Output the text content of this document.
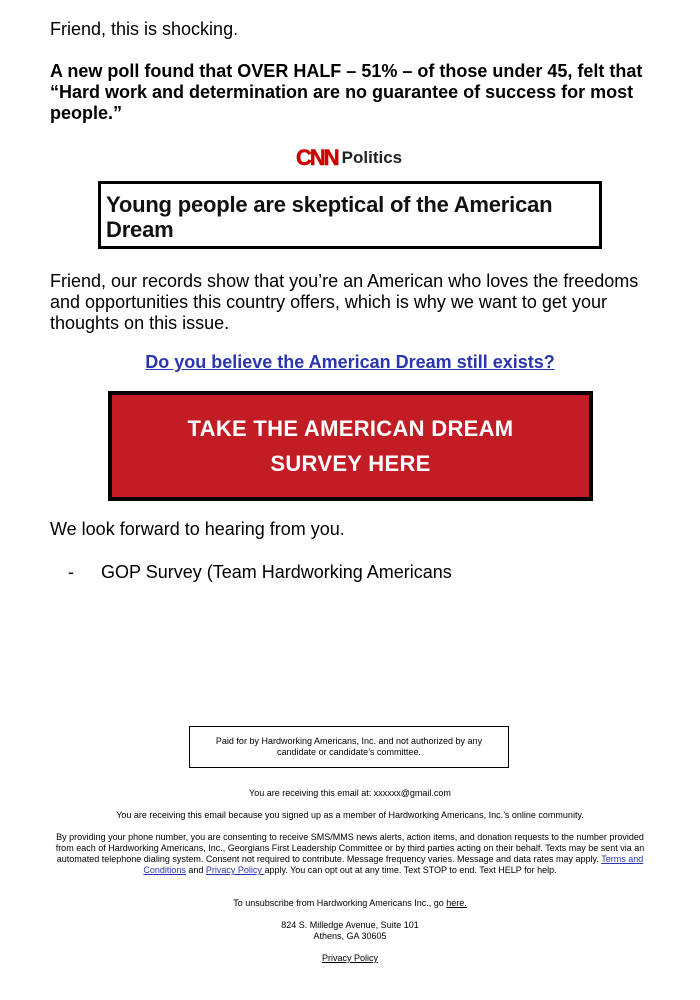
Friend, this is shocking.
A new poll found that OVER HALF – 51% – of those under 45, felt that “Hard work and determination are no guarantee of success for most people.”
CNN Politics
Young people are skeptical of the American Dream
Friend, our records show that you’re an American who loves the freedoms and opportunities this country offers, which is why we want to get your thoughts on this issue.
Do you believe the American Dream still exists?
TAKE THE AMERICAN DREAM
SURVEY HERE
We look forward to hearing from you.
- GOP Survey (Team Hardworking Americans
Paid for by Hardworking Americans, Inc. and not authorized by any candidate or candidate’s committee.
You are receiving this email at: xxxxxx@gmail.com
You are receiving this email because you signed up as a member of Hardworking Americans, Inc.’s online community.
By providing your phone number, you are consenting to receive SMS/MMS news alerts, action items, and donation requests to the number provided from each of Hardworking Americans, Inc., Georgians First Leadership Committee or by third parties acting on their behalf. Texts may be sent via an automated telephone dialing system. Consent not required to contribute. Message frequency varies. Message and data rates may apply. Terms and Conditions and Privacy Policy apply. You can opt out at any time. Text STOP to end. Text HELP for help.
To unsubscribe from Hardworking Americans Inc., go here.
824 S. Milledge Avenue, Suite 101
Athens, GA 30605
Privacy Policy
